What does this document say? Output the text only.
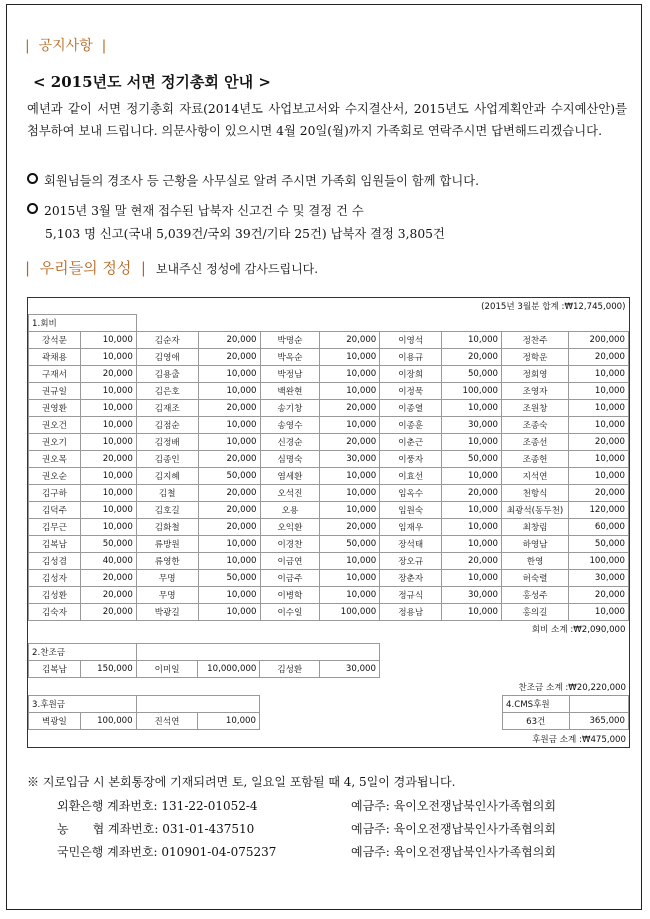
| 공지사항 |
< 2015년도 서면 정기총회 안내 >
예년과 같이 서면 정기총회 자료(2014년도 사업보고서와 수지결산서, 2015년도 사업계획안과 수지예산안)를 첨부하여 보내 드립니다. 의문사항이 있으시면 4월 20일(월)까지 가족회로 연락주시면 답변해드리겠습니다.
회원님들의 경조사 등 근황을 사무실로 알려 주시면 가족회 임원들이 함께 합니다.
2015년 3월 말 현재 접수된 납북자 신고건 수 및 결정 건 수
5,103 명 신고(국내 5,039건/국외 39건/기타 25건) 납북자 결정 3,805건
| 우리들의 정성 | 보내주신 정성에 감사드립니다.
(2015년 3월분 합계 :₩12,745,000)									
1.회비									
강석문	10,000	김순자	20,000	박명순	20,000	이영석	10,000	정찬주	200,000
곽채용	10,000	김영애	20,000	박옥순	10,000	이용규	20,000	정학운	20,000
구재서	20,000	김용출	10,000	박정남	10,000	이장희	50,000	정회영	10,000
권규일	10,000	김은호	10,000	백완현	10,000	이정묵	100,000	조영자	10,000
권영환	10,000	김재조	20,000	송기창	20,000	이종열	10,000	조원창	10,000
권오건	10,000	김점순	10,000	송영수	10,000	이종훈	30,000	조종숙	10,000
권오기	10,000	김정배	10,000	신경순	20,000	이춘근	10,000	조종선	20,000
권오목	20,000	김종인	20,000	심명숙	30,000	이풍자	50,000	조종헌	10,000
권오순	10,000	김지혜	50,000	염세환	10,000	이효선	10,000	지석연	10,000
김구하	10,000	김철	20,000	오석진	10,000	임옥수	20,000	천항식	20,000
김덕주	10,000	김호길	20,000	오용	10,000	임원숙	10,000	최광석(동두천)	120,000
김무근	10,000	김화철	20,000	오익환	20,000	임재우	10,000	최창림	60,000
김복남	50,000	류방원	10,000	이경찬	50,000	장석태	10,000	하영남	50,000
김성겸	40,000	류영한	10,000	이금연	10,000	장오규	20,000	한영	100,000
김성자	20,000	무명	50,000	이금주	10,000	장춘자	10,000	허숙렬	30,000
김성환	20,000	무명	10,000	이병학	10,000	정규식	30,000	홍성주	20,000
김숙자	20,000	박광길	10,000	이수일	100,000	정용남	10,000	홍의길	10,000
회비 소계 :₩2,090,000									
2.찬조금					
김복남	150,000	이미일	10,000,000	김성환	30,000
찬조금 소계 :₩20,220,000
3.후원금			
벽광일	100,000	진석연	10,000
4.CMS후원	
63건	365,000
후원금 소계 :₩475,000
※ 지로입금 시 본회통장에 기재되려면 토, 일요일 포함될 때 4, 5일이 경과됩니다.
외환은행 계좌번호: 131-22-01052-4	예금주: 육이오전쟁납북인사가족협의회
농　　협 계좌번호: 031-01-437510	예금주: 육이오전쟁납북인사가족협의회
국민은행 계좌번호: 010901-04-075237	예금주: 육이오전쟁납북인사가족협의회
